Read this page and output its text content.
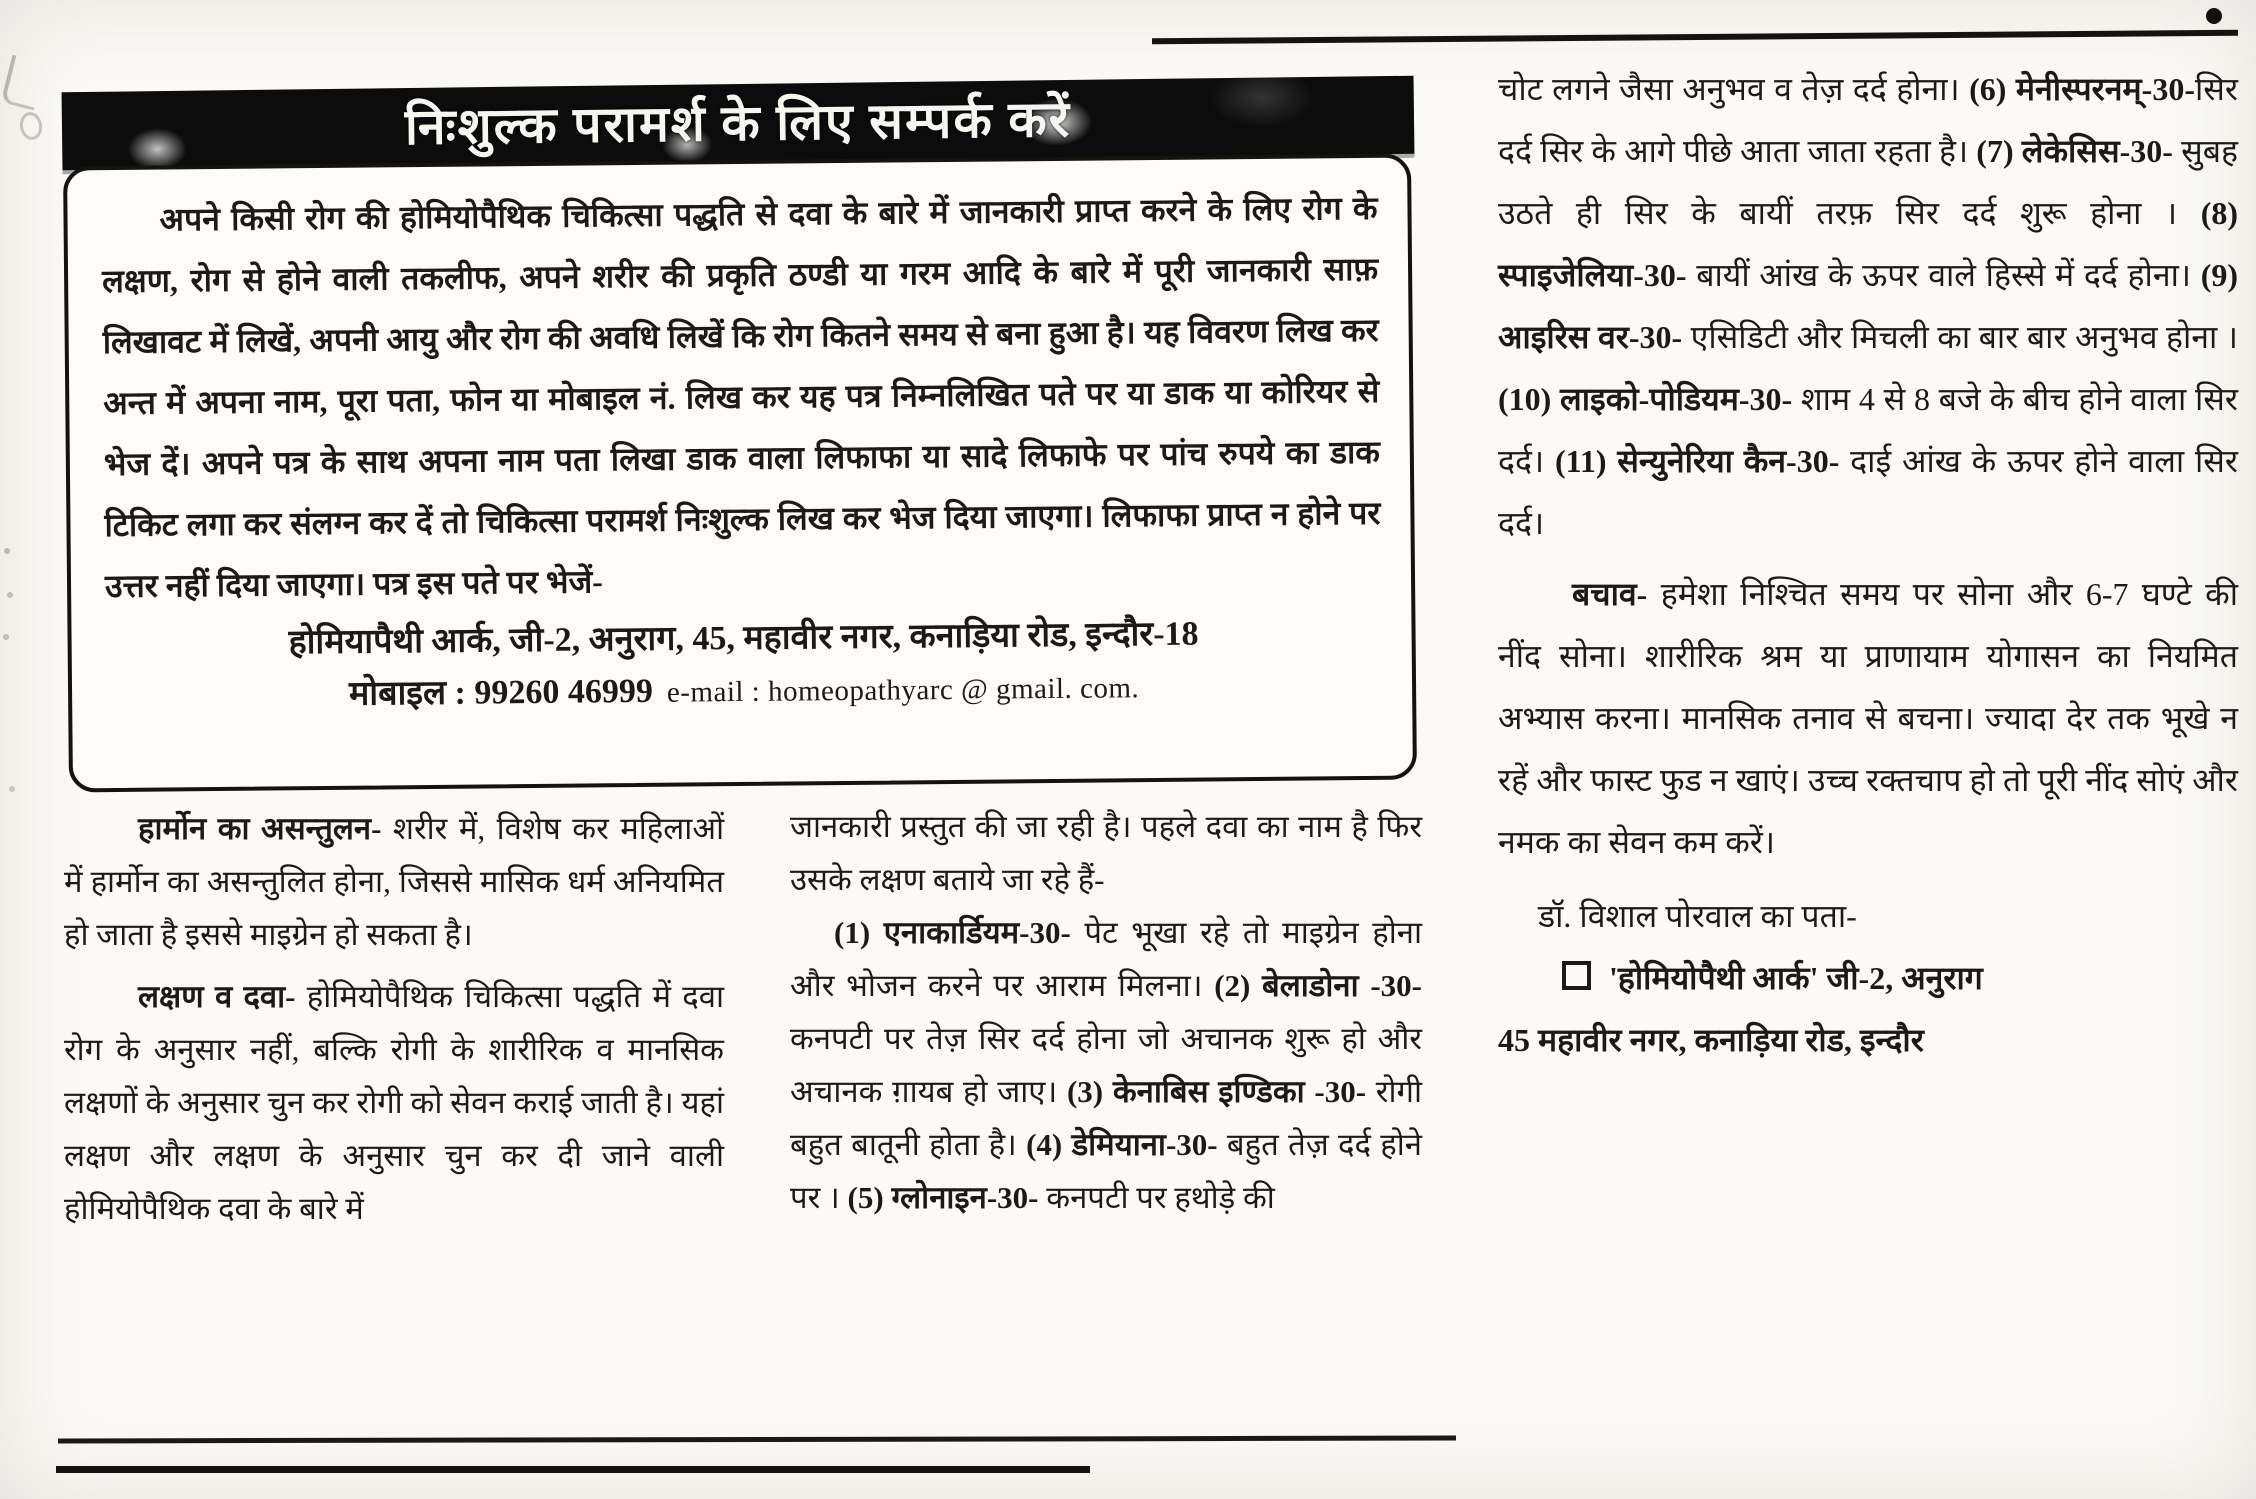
निःशुल्क परामर्श के लिए सम्पर्क करें

अपने किसी रोग की होमियोपैथिक चिकित्सा पद्धति से दवा के बारे में जानकारी प्राप्त करने के लिए रोग के लक्षण, रोग से होने वाली तकलीफ, अपने शरीर की प्रकृति ठण्डी या गरम आदि के बारे में पूरी जानकारी साफ़ लिखावट में लिखें, अपनी आयु और रोग की अवधि लिखें कि रोग कितने समय से बना हुआ है। यह विवरण लिख कर अन्त में अपना नाम, पूरा पता, फोन या मोबाइल नं. लिख कर यह पत्र निम्नलिखित पते पर या डाक या कोरियर से भेज दें। अपने पत्र के साथ अपना नाम पता लिखा डाक वाला लिफाफा या सादे लिफाफे पर पांच रुपये का डाक टिकिट लगा कर संलग्न कर दें तो चिकित्सा परामर्श निःशुल्क लिख कर भेज दिया जाएगा। लिफाफा प्राप्त न होने पर उत्तर नहीं दिया जाएगा। पत्र इस पते पर भेजें-

होमियापैथी आर्क, जी-2, अनुराग, 45, महावीर नगर, कनाड़िया रोड, इन्दौर-18

मोबाइल : 99260 46999 e-mail : homeopathyarc @ gmail. com.

हार्मोन का असन्तुलन- शरीर में, विशेष कर महिलाओं में हार्मोन का असन्तुलित होना, जिससे मासिक धर्म अनियमित हो जाता है इससे माइग्रेन हो सकता है।

लक्षण व दवा- होमियोपैथिक चिकित्सा पद्धति में दवा रोग के अनुसार नहीं, बल्कि रोगी के शारीरिक व मानसिक लक्षणों के अनुसार चुन कर रोगी को सेवन कराई जाती है। यहां लक्षण और लक्षण के अनुसार चुन कर दी जाने वाली होमियोपैथिक दवा के बारे में

जानकारी प्रस्तुत की जा रही है। पहले दवा का नाम है फिर उसके लक्षण बताये जा रहे हैं-

(1) एनाकार्डियम-30- पेट भूखा रहे तो माइग्रेन होना और भोजन करने पर आराम मिलना। (2) बेलाडोना -30- कनपटी पर तेज़ सिर दर्द होना जो अचानक शुरू हो और अचानक ग़ायब हो जाए। (3) केनाबिस इण्डिका -30- रोगी बहुत बातूनी होता है। (4) डेमियाना-30- बहुत तेज़ दर्द होने पर । (5) ग्लोनाइन-30- कनपटी पर हथोड़े की

चोट लगने जैसा अनुभव व तेज़ दर्द होना। (6) मेनीस्परनम्-30-सिर दर्द सिर के आगे पीछे आता जाता रहता है। (7) लेकेसिस-30- सुबह उठते ही सिर के बायीं तरफ़ सिर दर्द शुरू होना । (8) स्पाइजेलिया-30- बायीं आंख के ऊपर वाले हिस्से में दर्द होना। (9) आइरिस वर-30- एसिडिटी और मिचली का बार बार अनुभव होना । (10) लाइको-पोडियम-30- शाम 4 से 8 बजे के बीच होने वाला सिर दर्द। (11) सेन्युनेरिया कैन-30- दाई आंख के ऊपर होने वाला सिर दर्द।

बचाव- हमेशा निश्चित समय पर सोना और 6-7 घण्टे की नींद सोना। शारीरिक श्रम या प्राणायाम योगासन का नियमित अभ्यास करना। मानसिक तनाव से बचना। ज्यादा देर तक भूखे न रहें और फास्ट फुड न खाएं। उच्च रक्तचाप हो तो पूरी नींद सोएं और नमक का सेवन कम करें।

डॉ. विशाल पोरवाल का पता-

'होमियोपैथी आर्क' जी-2, अनुराग

45 महावीर नगर, कनाड़िया रोड, इन्दौर
